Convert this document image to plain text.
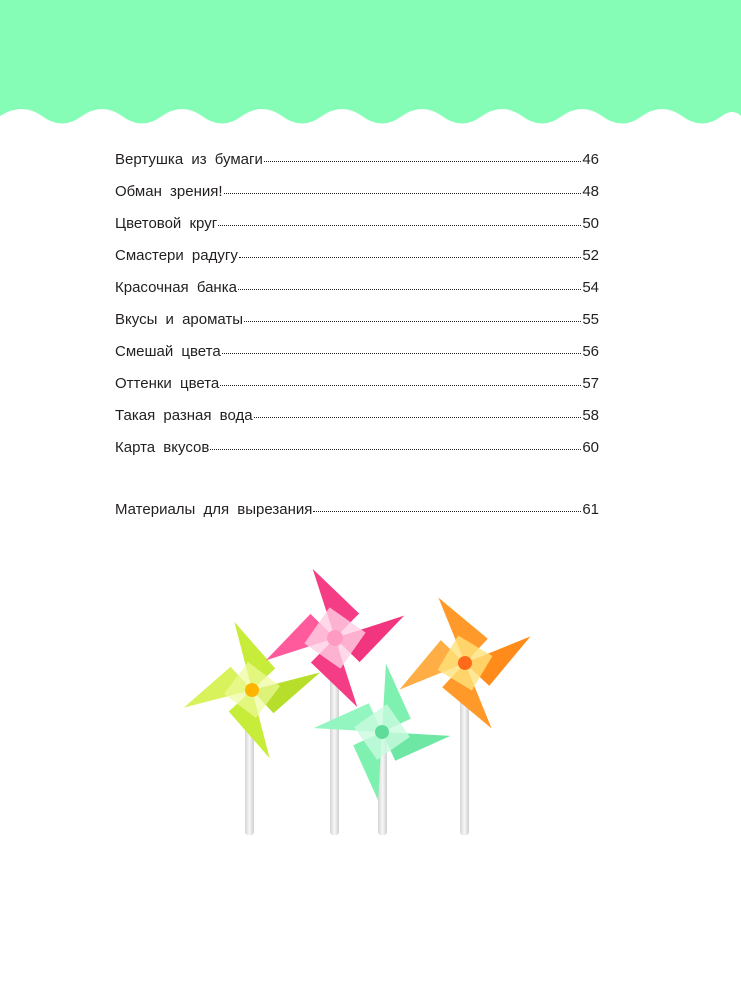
Вертушка из бумаги	46
Обман зрения!	48
Цветовой круг	50
Смастери радугу	52
Красочная банка	54
Вкусы и ароматы	55
Смешай цвета	56
Оттенки цвета	57
Такая разная вода	58
Карта вкусов	60
Материалы для вырезания	61
